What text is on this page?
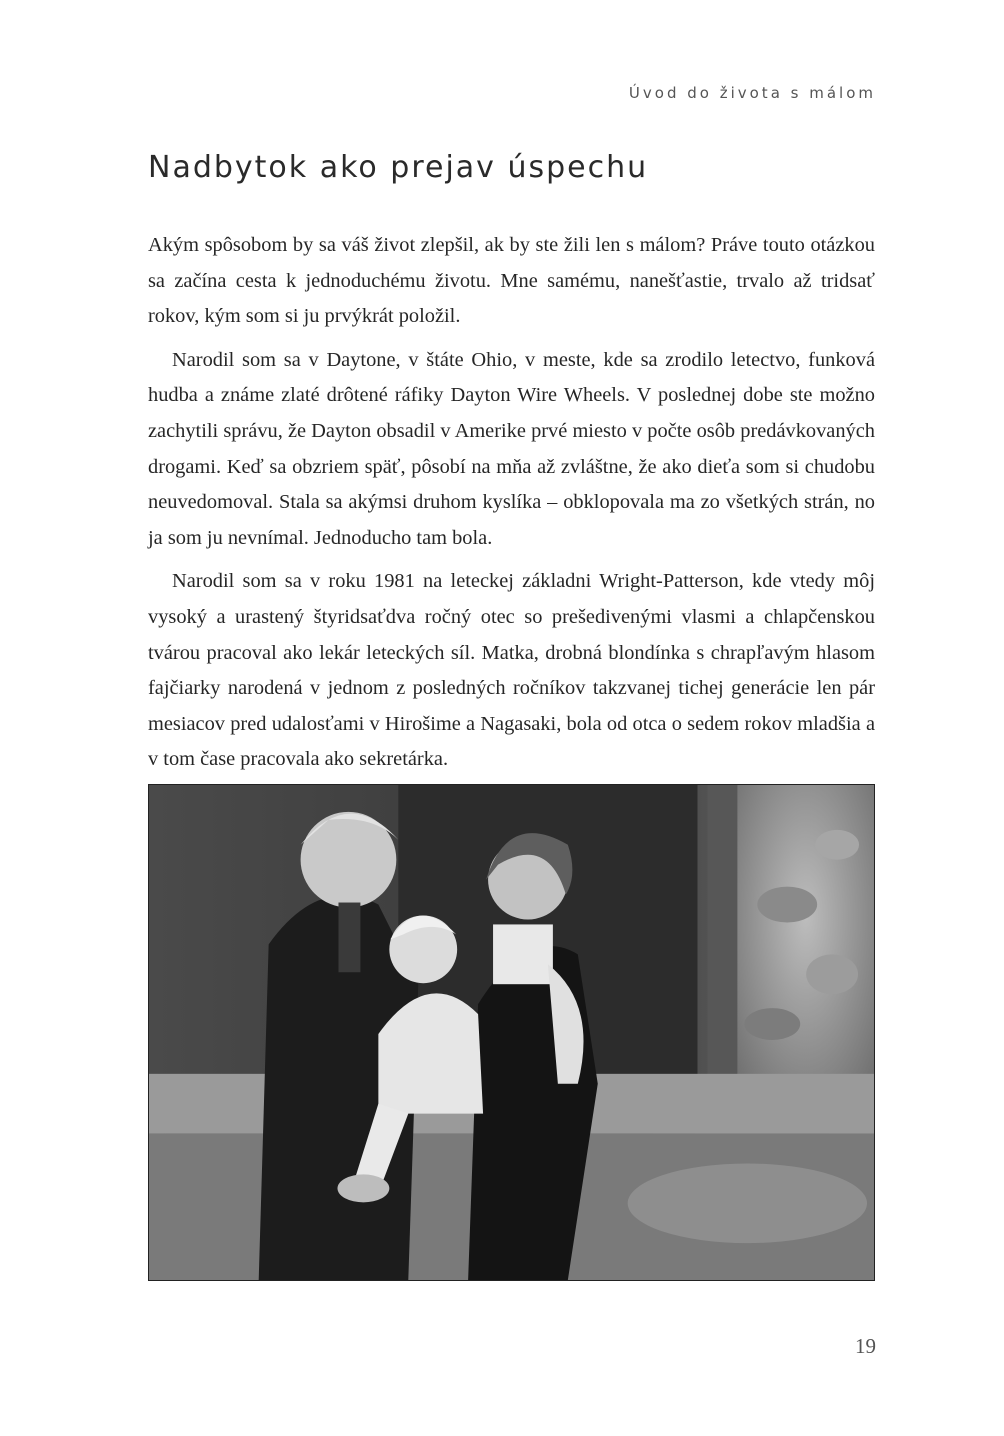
Úvod do života s málom
Nadbytok ako prejav úspechu

Akým spôsobom by sa váš život zlepšil, ak by ste žili len s málom? Práve touto otázkou sa začína cesta k jednoduchému životu. Mne samému, nanešťastie, trvalo až tridsať rokov, kým som si ju prvýkrát položil.

Narodil som sa v Daytone, v štáte Ohio, v meste, kde sa zrodilo letectvo, funková hudba a známe zlaté drôtené ráfiky Dayton Wire Wheels. V poslednej dobe ste možno zachytili správu, že Dayton obsadil v Amerike prvé miesto v počte osôb predávkovaných drogami. Keď sa obzriem späť, pôsobí na mňa až zvláštne, že ako dieťa som si chudobu neuvedomoval. Stala sa akýmsi druhom kyslíka – obklopovala ma zo všetkých strán, no ja som ju nevnímal. Jednoducho tam bola.

Narodil som sa v roku 1981 na leteckej základni Wright-Patterson, kde vtedy môj vysoký a urastený štyridsaťdva ročný otec so prešedivenými vlasmi a chlapčenskou tvárou pracoval ako lekár leteckých síl. Matka, drobná blondínka s chrapľavým hlasom fajčiarky narodená v jednom z posledných ročníkov takzvanej tichej generácie len pár mesiacov pred udalosťami v Hirošime a Nagasaki, bola od otca o sedem rokov mladšia a v tom čase pracovala ako sekretárka.

19
